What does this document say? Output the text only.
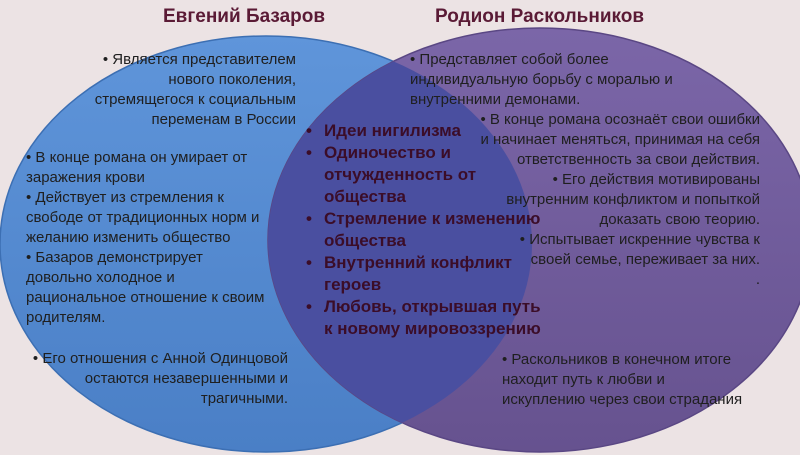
Евгений Базаров	Родион Раскольников

• Является представителем нового поколения, стремящегося к социальным переменам в России

• В конце романа он умирает от заражения крови

• Действует из стремления к свободе от традиционных норм и желанию изменить общество

• Базаров демонстрирует довольно холодное и рациональное отношение к своим родителям.

• Его отношения с Анной Одинцовой остаются незавершенными и трагичными.

• Представляет собой более индивидуальную борьбу с моралью и внутренними демонами.

• В конце романа осознаёт свои ошибки и начинает меняться, принимая на себя ответственность за свои действия.

• Его действия мотивированы внутренним конфликтом и попыткой доказать свою теорию.

• Испытывает искренние чувства к своей семье, переживает за них.

.

• Раскольников в конечном итоге находит путь к любви и искуплению через свои страдания

• Идеи нигилизма
• Одиночество и отчужденность от общества
• Стремление к изменению общества
• Внутренний конфликт героев
• Любовь, открывшая путь к новому мировоззрению
